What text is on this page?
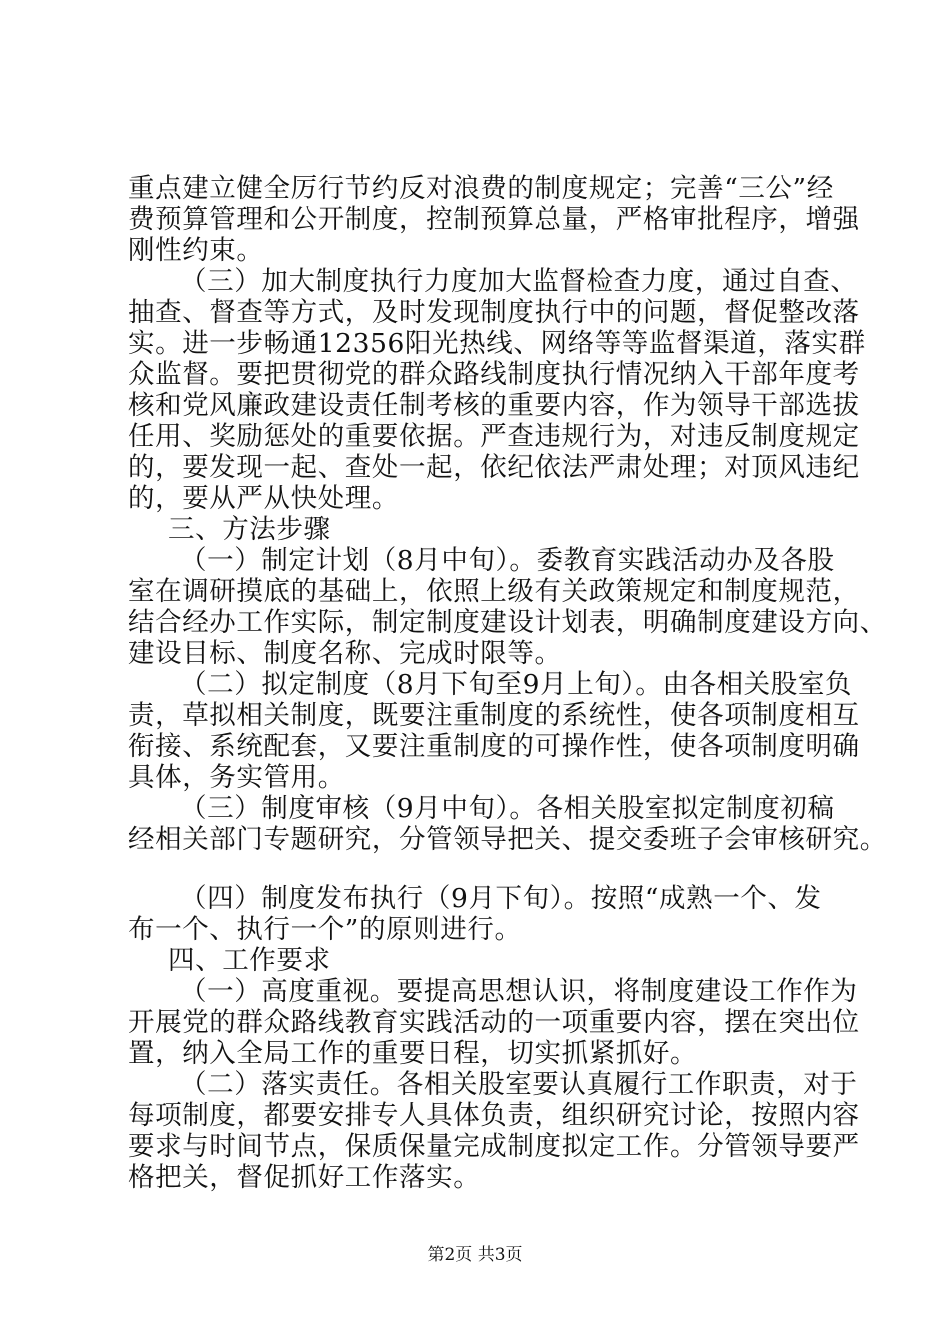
重点建立健全厉行节约反对浪费的制度规定；完善“三公”经
费预算管理和公开制度，控制预算总量，严格审批程序，增强
刚性约束。
（三）加大制度执行力度加大监督检查力度，通过自查、
抽查、督查等方式，及时发现制度执行中的问题，督促整改落
实。进一步畅通12356阳光热线、网络等等监督渠道，落实群
众监督。要把贯彻党的群众路线制度执行情况纳入干部年度考
核和党风廉政建设责任制考核的重要内容，作为领导干部选拔
任用、奖励惩处的重要依据。严查违规行为，对违反制度规定
的，要发现一起、查处一起，依纪依法严肃处理；对顶风违纪
的，要从严从快处理。
三、方法步骤
（一）制定计划（8月中旬）。委教育实践活动办及各股
室在调研摸底的基础上，依照上级有关政策规定和制度规范，
结合经办工作实际，制定制度建设计划表，明确制度建设方向、
建设目标、制度名称、完成时限等。
（二）拟定制度（8月下旬至9月上旬）。由各相关股室负
责，草拟相关制度，既要注重制度的系统性，使各项制度相互
衔接、系统配套，又要注重制度的可操作性，使各项制度明确
具体，务实管用。
（三）制度审核（9月中旬）。各相关股室拟定制度初稿
经相关部门专题研究，分管领导把关、提交委班子会审核研究。
（四）制度发布执行（9月下旬）。按照“成熟一个、发
布一个、执行一个”的原则进行。
四、工作要求
（一）高度重视。要提高思想认识，将制度建设工作作为
开展党的群众路线教育实践活动的一项重要内容，摆在突出位
置，纳入全局工作的重要日程，切实抓紧抓好。
（二）落实责任。各相关股室要认真履行工作职责，对于
每项制度，都要安排专人具体负责，组织研究讨论，按照内容
要求与时间节点，保质保量完成制度拟定工作。分管领导要严
格把关，督促抓好工作落实。
第2页 共3页
